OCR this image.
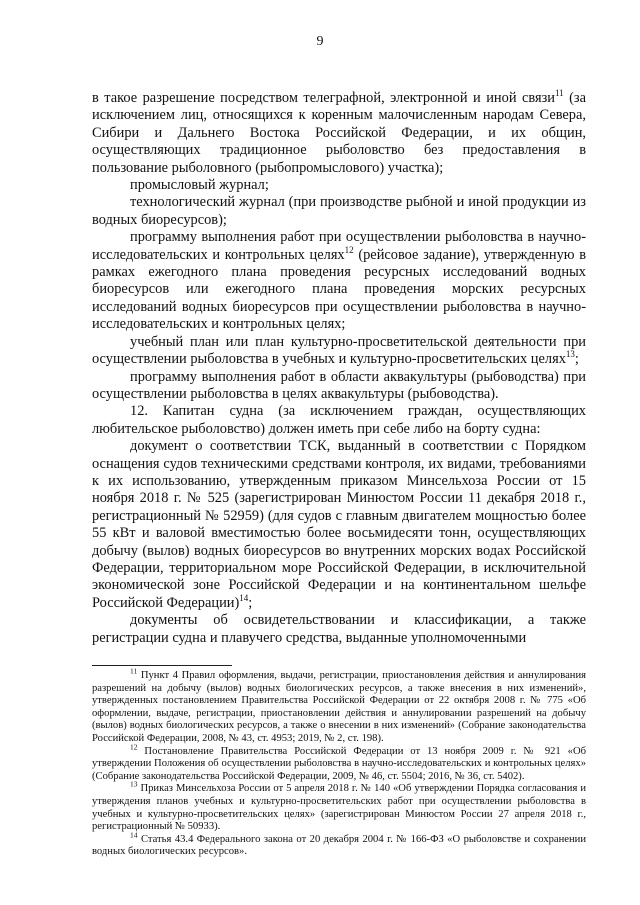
9

в такое разрешение посредством телеграфной, электронной и иной связи$^{11}$ (за исключением лиц, относящихся к коренным малочисленным народам Севера, Сибири и Дальнего Востока Российской Федерации, и их общин, осуществляющих традиционное рыболовство без предоставления в пользование рыболовного (рыбопромыслового) участка);

промысловый журнал;

технологический журнал (при производстве рыбной и иной продукции из водных биоресурсов);

программу выполнения работ при осуществлении рыболовства в научно-исследовательских и контрольных целях$^{12}$ (рейсовое задание), утвержденную в рамках ежегодного плана проведения ресурсных исследований водных биоресурсов или ежегодного плана проведения морских ресурсных исследований водных биоресурсов при осуществлении рыболовства в научно-исследовательских и контрольных целях;

учебный план или план культурно-просветительской деятельности при осуществлении рыболовства в учебных и культурно-просветительских целях$^{13}$;

программу выполнения работ в области аквакультуры (рыбоводства) при осуществлении рыболовства в целях аквакультуры (рыбоводства).

12. Капитан судна (за исключением граждан, осуществляющих любительское рыболовство) должен иметь при себе либо на борту судна:

документ о соответствии ТСК, выданный в соответствии с Порядком оснащения судов техническими средствами контроля, их видами, требованиями к их использованию, утвержденным приказом Минсельхоза России от 15 ноября 2018 г. № 525 (зарегистрирован Минюстом России 11 декабря 2018 г., регистрационный № 52959) (для судов с главным двигателем мощностью более 55 кВт и валовой вместимостью более восьмидесяти тонн, осуществляющих добычу (вылов) водных биоресурсов во внутренних морских водах Российской Федерации, территориальном море Российской Федерации, в исключительной экономической зоне Российской Федерации и на континентальном шельфе Российской Федерации)$^{14}$;

документы об освидетельствовании и классификации, а также регистрации судна и плавучего средства, выданные уполномоченными

$^{11}$ Пункт 4 Правил оформления, выдачи, регистрации, приостановления действия и аннулирования разрешений на добычу (вылов) водных биологических ресурсов, а также внесения в них изменений», утвержденных постановлением Правительства Российской Федерации от 22 октября 2008 г. № 775 «Об оформлении, выдаче, регистрации, приостановлении действия и аннулировании разрешений на добычу (вылов) водных биологических ресурсов, а также о внесении в них изменений» (Собрание законодательства Российской Федерации, 2008, № 43, ст. 4953; 2019, № 2, ст. 198).

$^{12}$ Постановление Правительства Российской Федерации от 13 ноября 2009 г. № 921 «Об утверждении Положения об осуществлении рыболовства в научно-исследовательских и контрольных целях» (Собрание законодательства Российской Федерации, 2009, № 46, ст. 5504; 2016, № 36, ст. 5402).

$^{13}$ Приказ Минсельхоза России от 5 апреля 2018 г. № 140 «Об утверждении Порядка согласования и утверждения планов учебных и культурно-просветительских работ при осуществлении рыболовства в учебных и культурно-просветительских целях» (зарегистрирован Минюстом России 27 апреля 2018 г., регистрационный № 50933).

$^{14}$ Статья 43.4 Федерального закона от 20 декабря 2004 г. № 166-ФЗ «О рыболовстве и сохранении водных биологических ресурсов».
